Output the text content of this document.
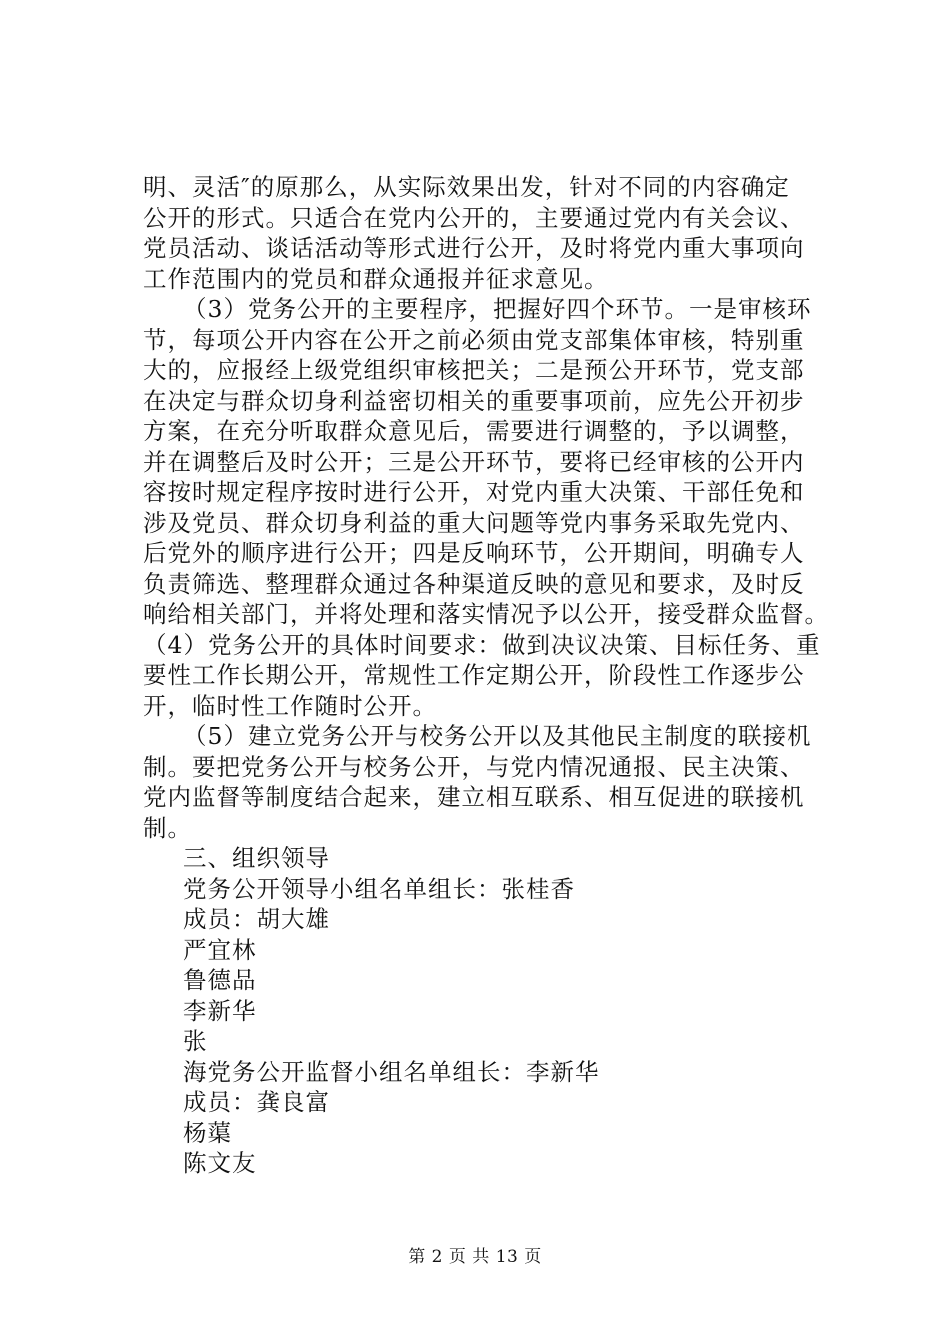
明、灵活″的原那么，从实际效果出发，针对不同的内容确定
公开的形式。只适合在党内公开的，主要通过党内有关会议、
党员活动、谈话活动等形式进行公开，及时将党内重大事项向
工作范围内的党员和群众通报并征求意见。
（3）党务公开的主要程序，把握好四个环节。一是审核环
节，每项公开内容在公开之前必须由党支部集体审核，特别重
大的，应报经上级党组织审核把关；二是预公开环节，党支部
在决定与群众切身利益密切相关的重要事项前，应先公开初步
方案，在充分听取群众意见后，需要进行调整的，予以调整，
并在调整后及时公开；三是公开环节，要将已经审核的公开内
容按时规定程序按时进行公开，对党内重大决策、干部任免和
涉及党员、群众切身利益的重大问题等党内事务采取先党内、
后党外的顺序进行公开；四是反响环节，公开期间，明确专人
负责筛选、整理群众通过各种渠道反映的意见和要求，及时反
响给相关部门，并将处理和落实情况予以公开，接受群众监督。
（4）党务公开的具体时间要求：做到决议决策、目标任务、重
要性工作长期公开，常规性工作定期公开，阶段性工作逐步公
开，临时性工作随时公开。
（5）建立党务公开与校务公开以及其他民主制度的联接机
制。要把党务公开与校务公开，与党内情况通报、民主决策、
党内监督等制度结合起来，建立相互联系、相互促进的联接机
制。
三、组织领导
党务公开领导小组名单组长：张桂香
成员：胡大雄
严宜林
鲁德品
李新华
张
海党务公开监督小组名单组长：李新华
成员：龚良富
杨蕖
陈文友
第 2 页 共 13 页
